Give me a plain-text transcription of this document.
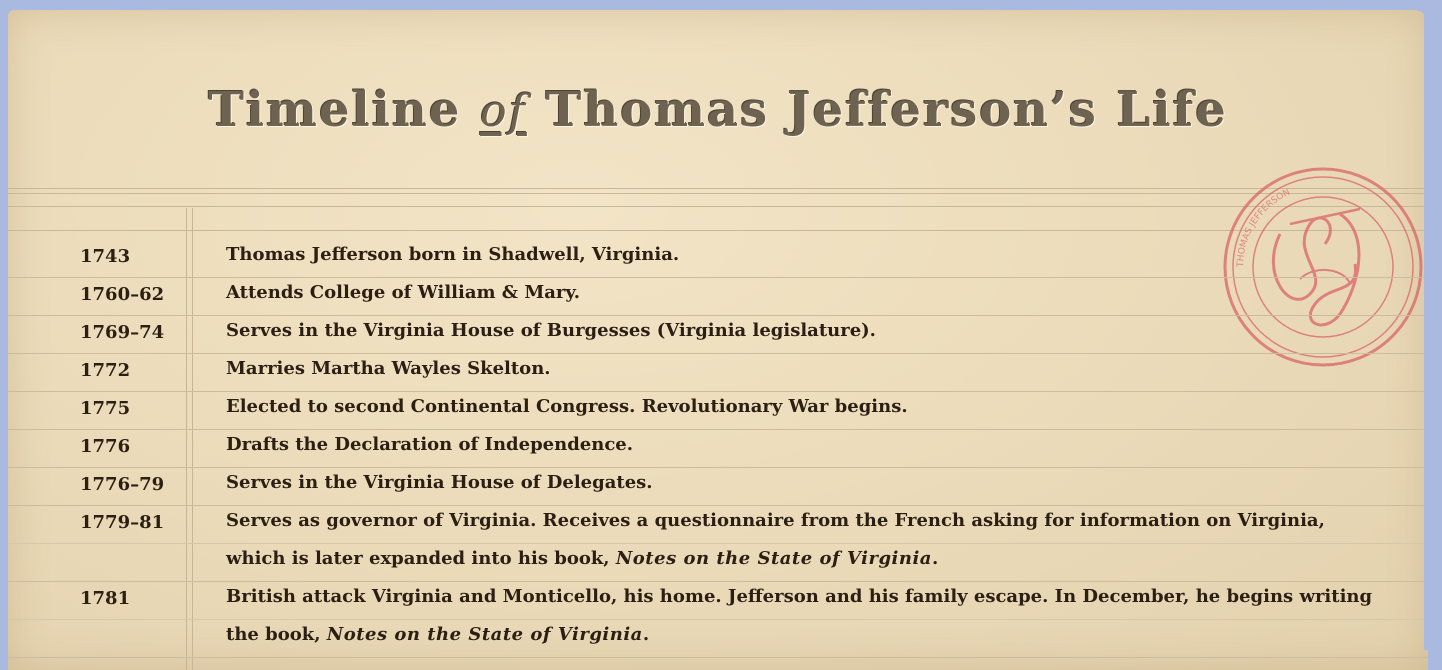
Timeline of Thomas Jefferson’s Life
THOMAS JEFFERSON
1743	Thomas Jefferson born in Shadwell, Virginia.
1760–62	Attends College of William & Mary.
1769–74	Serves in the Virginia House of Burgesses (Virginia legislature).
1772	Marries Martha Wayles Skelton.
1775	Elected to second Continental Congress. Revolutionary War begins.
1776	Drafts the Declaration of Independence.
1776–79	Serves in the Virginia House of Delegates.
1779–81	Serves as governor of Virginia. Receives a questionnaire from the French asking for information on Virginia, which is later expanded into his book, Notes on the State of Virginia.
1781	British attack Virginia and Monticello, his home. Jefferson and his family escape. In December, he begins writing the book, Notes on the State of Virginia.
